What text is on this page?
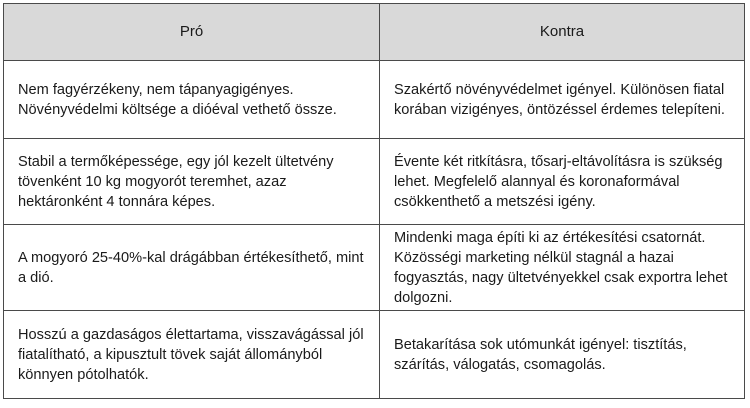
Pró	Kontra

Nem fagyérzékeny, nem tápanyagigényes. Növényvédelmi költsége a dióéval vethető össze.	Szakértő növényvédelmet igényel. Különösen fiatal korában vizigényes, öntözéssel érdemes telepíteni.

Stabil a termőképessége, egy jól kezelt ültetvény tövenként 10 kg mogyorót teremhet, azaz hektáronként 4 tonnára képes.	Évente két ritkításra, tősarj-eltávolításra is szükség lehet. Megfelelő alannyal és koronaformával csökkenthető a metszési igény.

A mogyoró 25-40%-kal drágábban értékesíthető, mint a dió.	Mindenki maga építi ki az értékesítési csatornát. Közösségi marketing nélkül stagnál a hazai fogyasztás, nagy ültetvényekkel csak exportra lehet dolgozni.

Hosszú a gazdaságos élettartama, visszavágással jól fiatalítható, a kipusztult tövek saját állományból könnyen pótolhatók.	Betakarítása sok utómunkát igényel: tisztítás, szárítás, válogatás, csomagolás.
